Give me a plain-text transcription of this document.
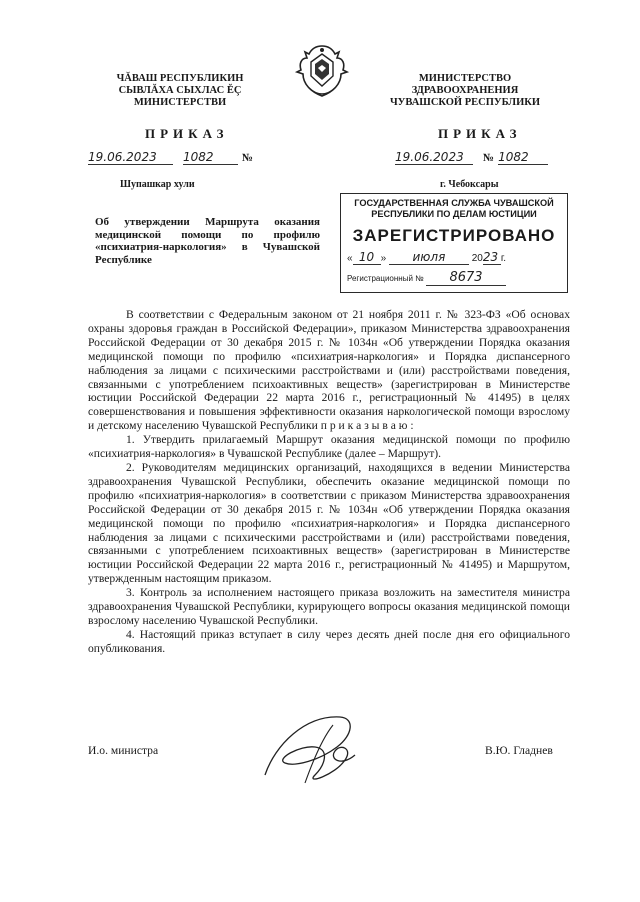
ЧĂВАШ РЕСПУБЛИКИН
СЫВЛĂХА СЫХЛАС ĔÇ
МИНИСТЕРСТВИ
МИНИСТЕРСТВО
ЗДРАВООХРАНЕНИЯ
ЧУВАШСКОЙ РЕСПУБЛИКИ
ПРИКАЗ	ПРИКАЗ
19.06.2023 1082	№	19.06.2023 № 1082
Шупашкар хули	г. Чебоксары
Об утверждении Маршрута оказания медицинской помощи по профилю «психиатрия-наркология» в Чувашской Республике
ГОСУДАРСТВЕННАЯ СЛУЖБА ЧУВАШСКОЙ РЕСПУБЛИКИ ПО ДЕЛАМ ЮСТИЦИИ
ЗАРЕГИСТРИРОВАНО
« 10 » июля	2023 г.
Регистрационный № 8673

В соответствии с Федеральным законом от 21 ноября 2011 г. № 323-ФЗ «Об основах охраны здоровья граждан в Российской Федерации», приказом Министерства здравоохранения Российской Федерации от 30 декабря 2015 г. № 1034н «Об утверждении Порядка оказания медицинской помощи по профилю «психиатрия-наркология» и Порядка диспансерного наблюдения за лицами с психическими расстройствами и (или) расстройствами поведения, связанными с употреблением психоактивных веществ» (зарегистрирован в Министерстве юстиции Российской Федерации 22 марта 2016 г., регистрационный № 41495) в целях совершенствования и повышения эффективности оказания наркологической помощи взрослому и детскому населению Чувашской Республики п р и к а з ы в а ю :

1. Утвердить прилагаемый Маршрут оказания медицинской помощи по профилю «психиатрия-наркология» в Чувашской Республике (далее – Маршрут).

2. Руководителям медицинских организаций, находящихся в ведении Министерства здравоохранения Чувашской Республики, обеспечить оказание медицинской помощи по профилю «психиатрия-наркология» в соответствии с приказом Министерства здравоохранения Российской Федерации от 30 декабря 2015 г. № 1034н «Об утверждении Порядка оказания медицинской помощи по профилю «психиатрия-наркология» и Порядка диспансерного наблюдения за лицами с психическими расстройствами и (или) расстройствами поведения, связанными с употреблением психоактивных веществ» (зарегистрирован в Министерстве юстиции Российской Федерации 22 марта 2016 г., регистрационный № 41495) и Маршрутом, утвержденным настоящим приказом.

3. Контроль за исполнением настоящего приказа возложить на заместителя министра здравоохранения Чувашской Республики, курирующего вопросы оказания медицинской помощи взрослому населению Чувашской Республики.

4. Настоящий приказ вступает в силу через десять дней после дня его официального опубликования.

И.о. министра	В.Ю. Гладнев
